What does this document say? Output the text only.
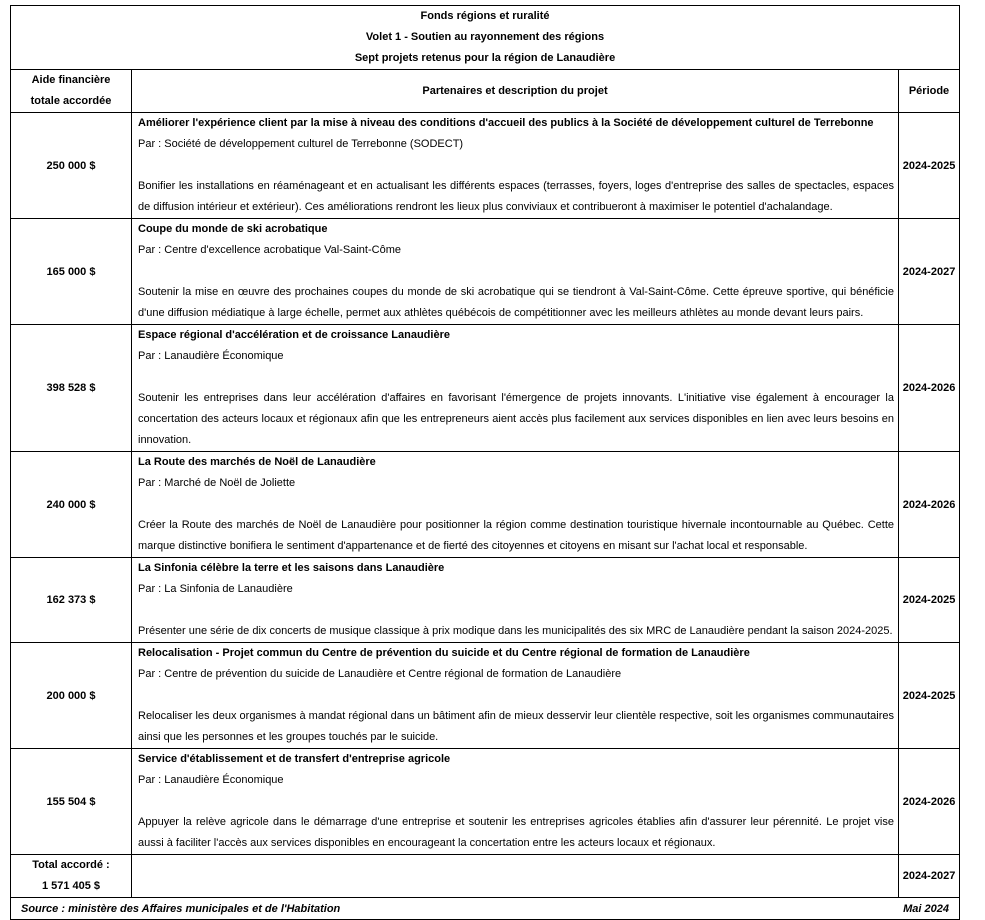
Fonds régions et ruralité
Volet 1 - Soutien au rayonnement des régions
Sept projets retenus pour la région de Lanaudière		

Aide financière
totale accordée	Partenaires et description du projet	Période
250 000 $	Améliorer l'expérience client par la mise à niveau des conditions d'accueil des publics à la Société de développement culturel de Terrebonne
Par : Société de développement culturel de Terrebonne (SODECT)
Bonifier les installations en réaménageant et en actualisant les différents espaces (terrasses, foyers, loges d'entreprise des salles de spectacles, espaces de diffusion intérieur et extérieur). Ces améliorations rendront les lieux plus conviviaux et contribueront à maximiser le potentiel d'achalandage.	2024-2025
165 000 $	Coupe du monde de ski acrobatique
Par : Centre d'excellence acrobatique Val-Saint-Côme
Soutenir la mise en œuvre des prochaines coupes du monde de ski acrobatique qui se tiendront à Val-Saint-Côme. Cette épreuve sportive, qui bénéficie d'une diffusion médiatique à large échelle, permet aux athlètes québécois de compétitionner avec les meilleurs athlètes au monde devant leurs pairs.	2024-2027
398 528 $	Espace régional d'accélération et de croissance Lanaudière
Par : Lanaudière Économique
Soutenir les entreprises dans leur accélération d'affaires en favorisant l'émergence de projets innovants. L'initiative vise également à encourager la concertation des acteurs locaux et régionaux afin que les entrepreneurs aient accès plus facilement aux services disponibles en lien avec leurs besoins en innovation.	2024-2026
240 000 $	La Route des marchés de Noël de Lanaudière
Par : Marché de Noël de Joliette
Créer la Route des marchés de Noël de Lanaudière pour positionner la région comme destination touristique hivernale incontournable au Québec. Cette marque distinctive bonifiera le sentiment d'appartenance et de fierté des citoyennes et citoyens en misant sur l'achat local et responsable.	2024-2026
162 373 $	La Sinfonia célèbre la terre et les saisons dans Lanaudière
Par : La Sinfonia de Lanaudière
Présenter une série de dix concerts de musique classique à prix modique dans les municipalités des six MRC de Lanaudière pendant la saison 2024-2025.	2024-2025
200 000 $	Relocalisation - Projet commun du Centre de prévention du suicide et du Centre régional de formation de Lanaudière
Par : Centre de prévention du suicide de Lanaudière et Centre régional de formation de Lanaudière
Relocaliser les deux organismes à mandat régional dans un bâtiment afin de mieux desservir leur clientèle respective, soit les organismes communautaires ainsi que les personnes et les groupes touchés par le suicide.	2024-2025
155 504 $	Service d'établissement et de transfert d'entreprise agricole
Par : Lanaudière Économique
Appuyer la relève agricole dans le démarrage d'une entreprise et soutenir les entreprises agricoles établies afin d'assurer leur pérennité. Le projet vise aussi à faciliter l'accès aux services disponibles en encourageant la concertation entre les acteurs locaux et régionaux.	2024-2026

Total accordé :
1 571 405 $		2024-2027
Source : ministère des Affaires municipales et de l'Habitation		Mai 2024
